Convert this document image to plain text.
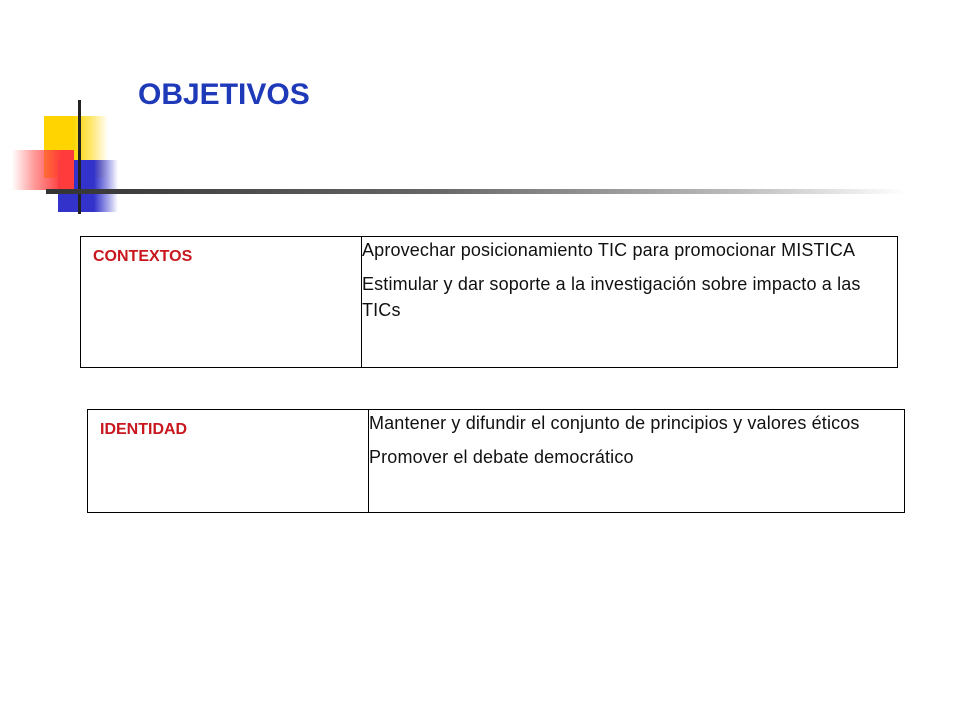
OBJETIVOS
CONTEXTOS	Aprovechar posicionamiento TIC para promocionar MISTICA

Estimular y dar soporte a la investigación sobre impacto a las TICs

IDENTIDAD	Mantener y difundir el conjunto de principios y valores éticos

Promover el debate democrático
